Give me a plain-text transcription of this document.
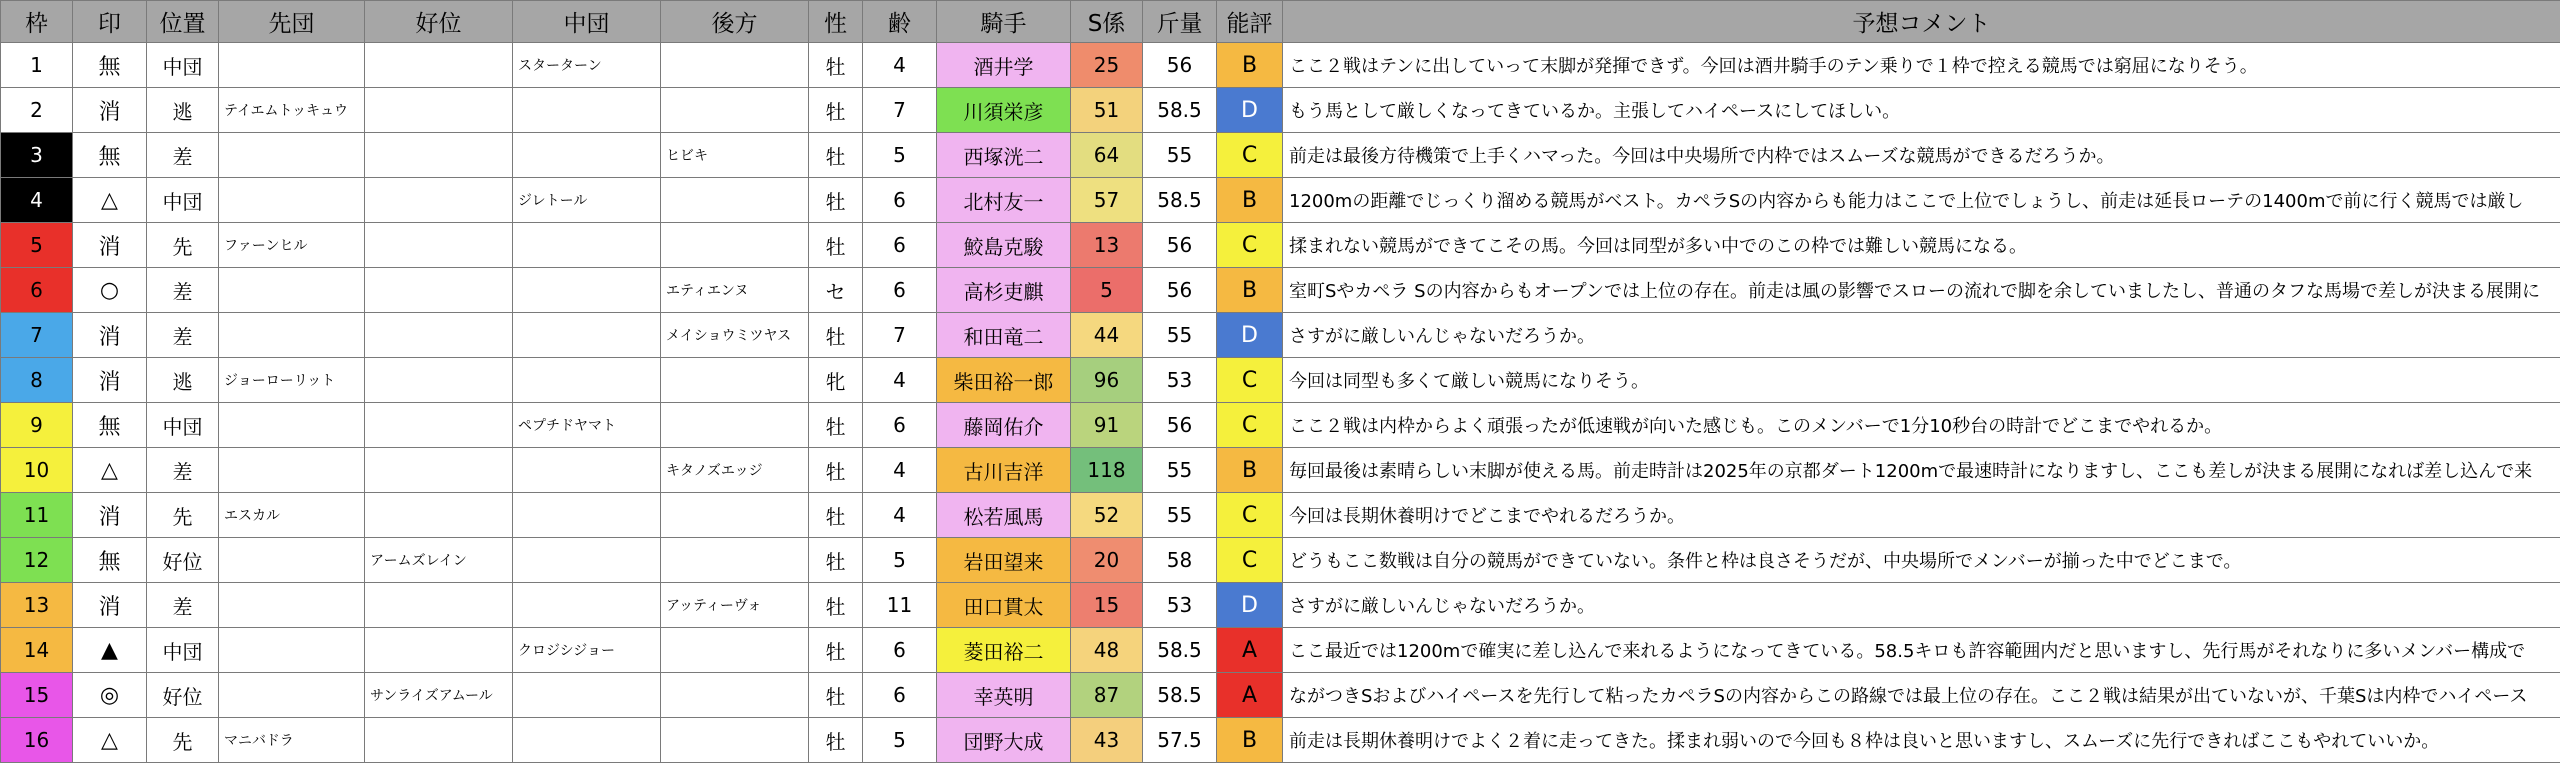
枠	印	位置	先団	好位	中団	後方	性	齢	騎手	S係	斤量	能評	予想コメント
1	無	中団			スターターン		牡	4	酒井学	25	56	B	ここ２戦はテンに出していって末脚が発揮できず。今回は酒井騎手のテン乗りで１枠で控える競馬では窮屈になりそう。
2	消	逃	テイエムトッキュウ				牡	7	川須栄彦	51	58.5	D	もう馬として厳しくなってきているか。主張してハイペースにしてほしい。
3	無	差				ヒビキ	牡	5	西塚洸二	64	55	C	前走は最後方待機策で上手くハマった。今回は中央場所で内枠ではスムーズな競馬ができるだろうか。
4	△	中団			ジレトール		牡	6	北村友一	57	58.5	B	1200mの距離でじっくり溜める競馬がベスト。カペラSの内容からも能力はここで上位でしょうし、前走は延長ローテの1400mで前に行く競馬では厳し
5	消	先	ファーンヒル				牡	6	鮫島克駿	13	56	C	揉まれない競馬ができてこその馬。今回は同型が多い中でのこの枠では難しい競馬になる。
6	○	差				エティエンヌ	セ	6	高杉吏麒	5	56	B	室町Sやカペラ Sの内容からもオープンでは上位の存在。前走は風の影響でスローの流れで脚を余していましたし、普通のタフな馬場で差しが決まる展開に
7	消	差				メイショウミツヤス	牡	7	和田竜二	44	55	D	さすがに厳しいんじゃないだろうか。
8	消	逃	ジョーローリット				牝	4	柴田裕一郎	96	53	C	今回は同型も多くて厳しい競馬になりそう。
9	無	中団			ペプチドヤマト		牡	6	藤岡佑介	91	56	C	ここ２戦は内枠からよく頑張ったが低速戦が向いた感じも。このメンバーで1分10秒台の時計でどこまでやれるか。
10	△	差				キタノズエッジ	牡	4	古川吉洋	118	55	B	毎回最後は素晴らしい末脚が使える馬。前走時計は2025年の京都ダート1200mで最速時計になりますし、ここも差しが決まる展開になれば差し込んで来
11	消	先	エスカル				牡	4	松若風馬	52	55	C	今回は長期休養明けでどこまでやれるだろうか。
12	無	好位		アームズレイン			牡	5	岩田望来	20	58	C	どうもここ数戦は自分の競馬ができていない。条件と枠は良さそうだが、中央場所でメンバーが揃った中でどこまで。
13	消	差				アッティーヴォ	牡	11	田口貫太	15	53	D	さすがに厳しいんじゃないだろうか。
14	▲	中団			クロジシジョー		牡	6	菱田裕二	48	58.5	A	ここ最近では1200mで確実に差し込んで来れるようになってきている。58.5キロも許容範囲内だと思いますし、先行馬がそれなりに多いメンバー構成で
15	◎	好位		サンライズアムール			牡	6	幸英明	87	58.5	A	ながつきSおよびハイペースを先行して粘ったカペラSの内容からこの路線では最上位の存在。ここ２戦は結果が出ていないが、千葉Sは内枠でハイペース
16	△	先	マニバドラ				牡	5	団野大成	43	57.5	B	前走は長期休養明けでよく２着に走ってきた。揉まれ弱いので今回も８枠は良いと思いますし、スムーズに先行できればここもやれていいか。
